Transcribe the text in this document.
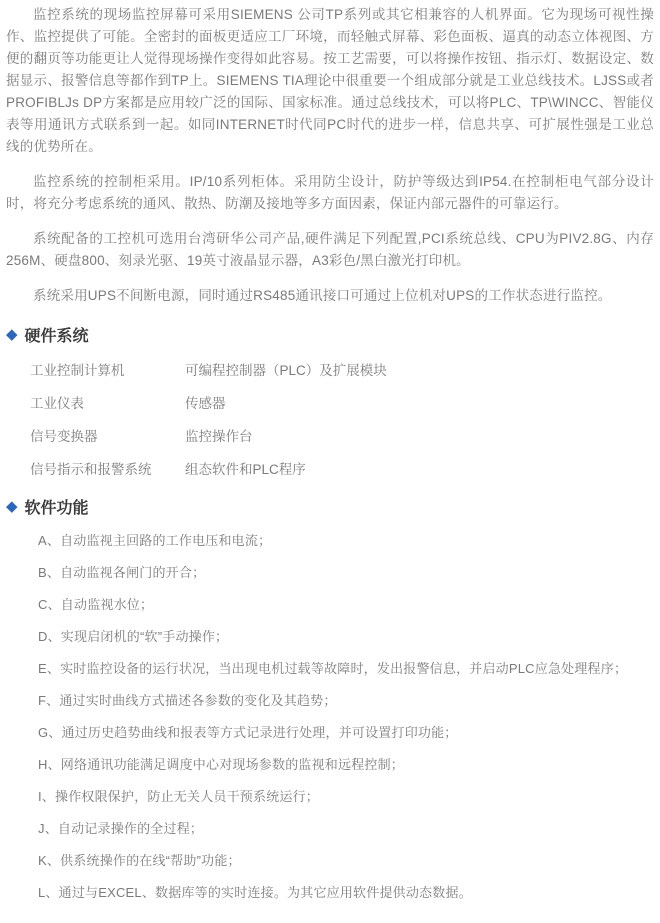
监控系统的现场监控屏幕可采用SIEMENS 公司TP系列或其它相兼容的人机界面。它为现场可视性操作、监控提供了可能。全密封的面板更适应工厂环境，而轻触式屏幕、彩色面板、逼真的动态立体视图、方便的翻页等功能更让人觉得现场操作变得如此容易。按工艺需要，可以将操作按钮、指示灯、数据设定、数据显示、报警信息等都作到TP上。SIEMENS TIA理论中很重要一个组成部分就是工业总线技术。LJSS或者PROFIBLJs DP方案都是应用较广泛的国际、国家标准。通过总线技术，可以将PLC、TP\WINCC、智能仪表等用通讯方式联系到一起。如同INTERNET时代同PC时代的进步一样，信息共享、可扩展性强是工业总线的优势所在。

监控系统的控制柜采用。IP/10系列柜体。采用防尘设计，防护等级达到IP54.在控制柜电气部分设计时，将充分考虑系统的通风、散热、防潮及接地等多方面因素，保证内部元器件的可靠运行。

系统配备的工控机可选用台湾研华公司产品,硬件满足下列配置,PCI系统总线、CPU为PIV2.8G、内存256M、硬盘800、刻录光驱、19英寸液晶显示器，A3彩色/黑白激光打印机。

系统采用UPS不间断电源，同时通过RS485通讯接口可通过上位机对UPS的工作状态进行监控。

◆ 硬件系统
工业控制计算机	可编程控制器（PLC）及扩展模块
工业仪表	传感器
信号变换器	监控操作台
信号指示和报警系统	组态软件和PLC程序
◆ 软件功能
A、自动监视主回路的工作电压和电流；
B、自动监视各闸门的开合；
C、自动监视水位；
D、实现启闭机的“软”手动操作；
E、实时监控设备的运行状况，当出现电机过载等故障时，发出报警信息，并启动PLC应急处理程序；
F、通过实时曲线方式描述各参数的变化及其趋势；
G、通过历史趋势曲线和报表等方式记录进行处理，并可设置打印功能；
H、网络通讯功能满足调度中心对现场参数的监视和远程控制；
I、操作权限保护，防止无关人员干预系统运行；
J、自动记录操作的全过程；
K、供系统操作的在线“帮助”功能；
L、通过与EXCEL、数据库等的实时连接。为其它应用软件提供动态数据。
